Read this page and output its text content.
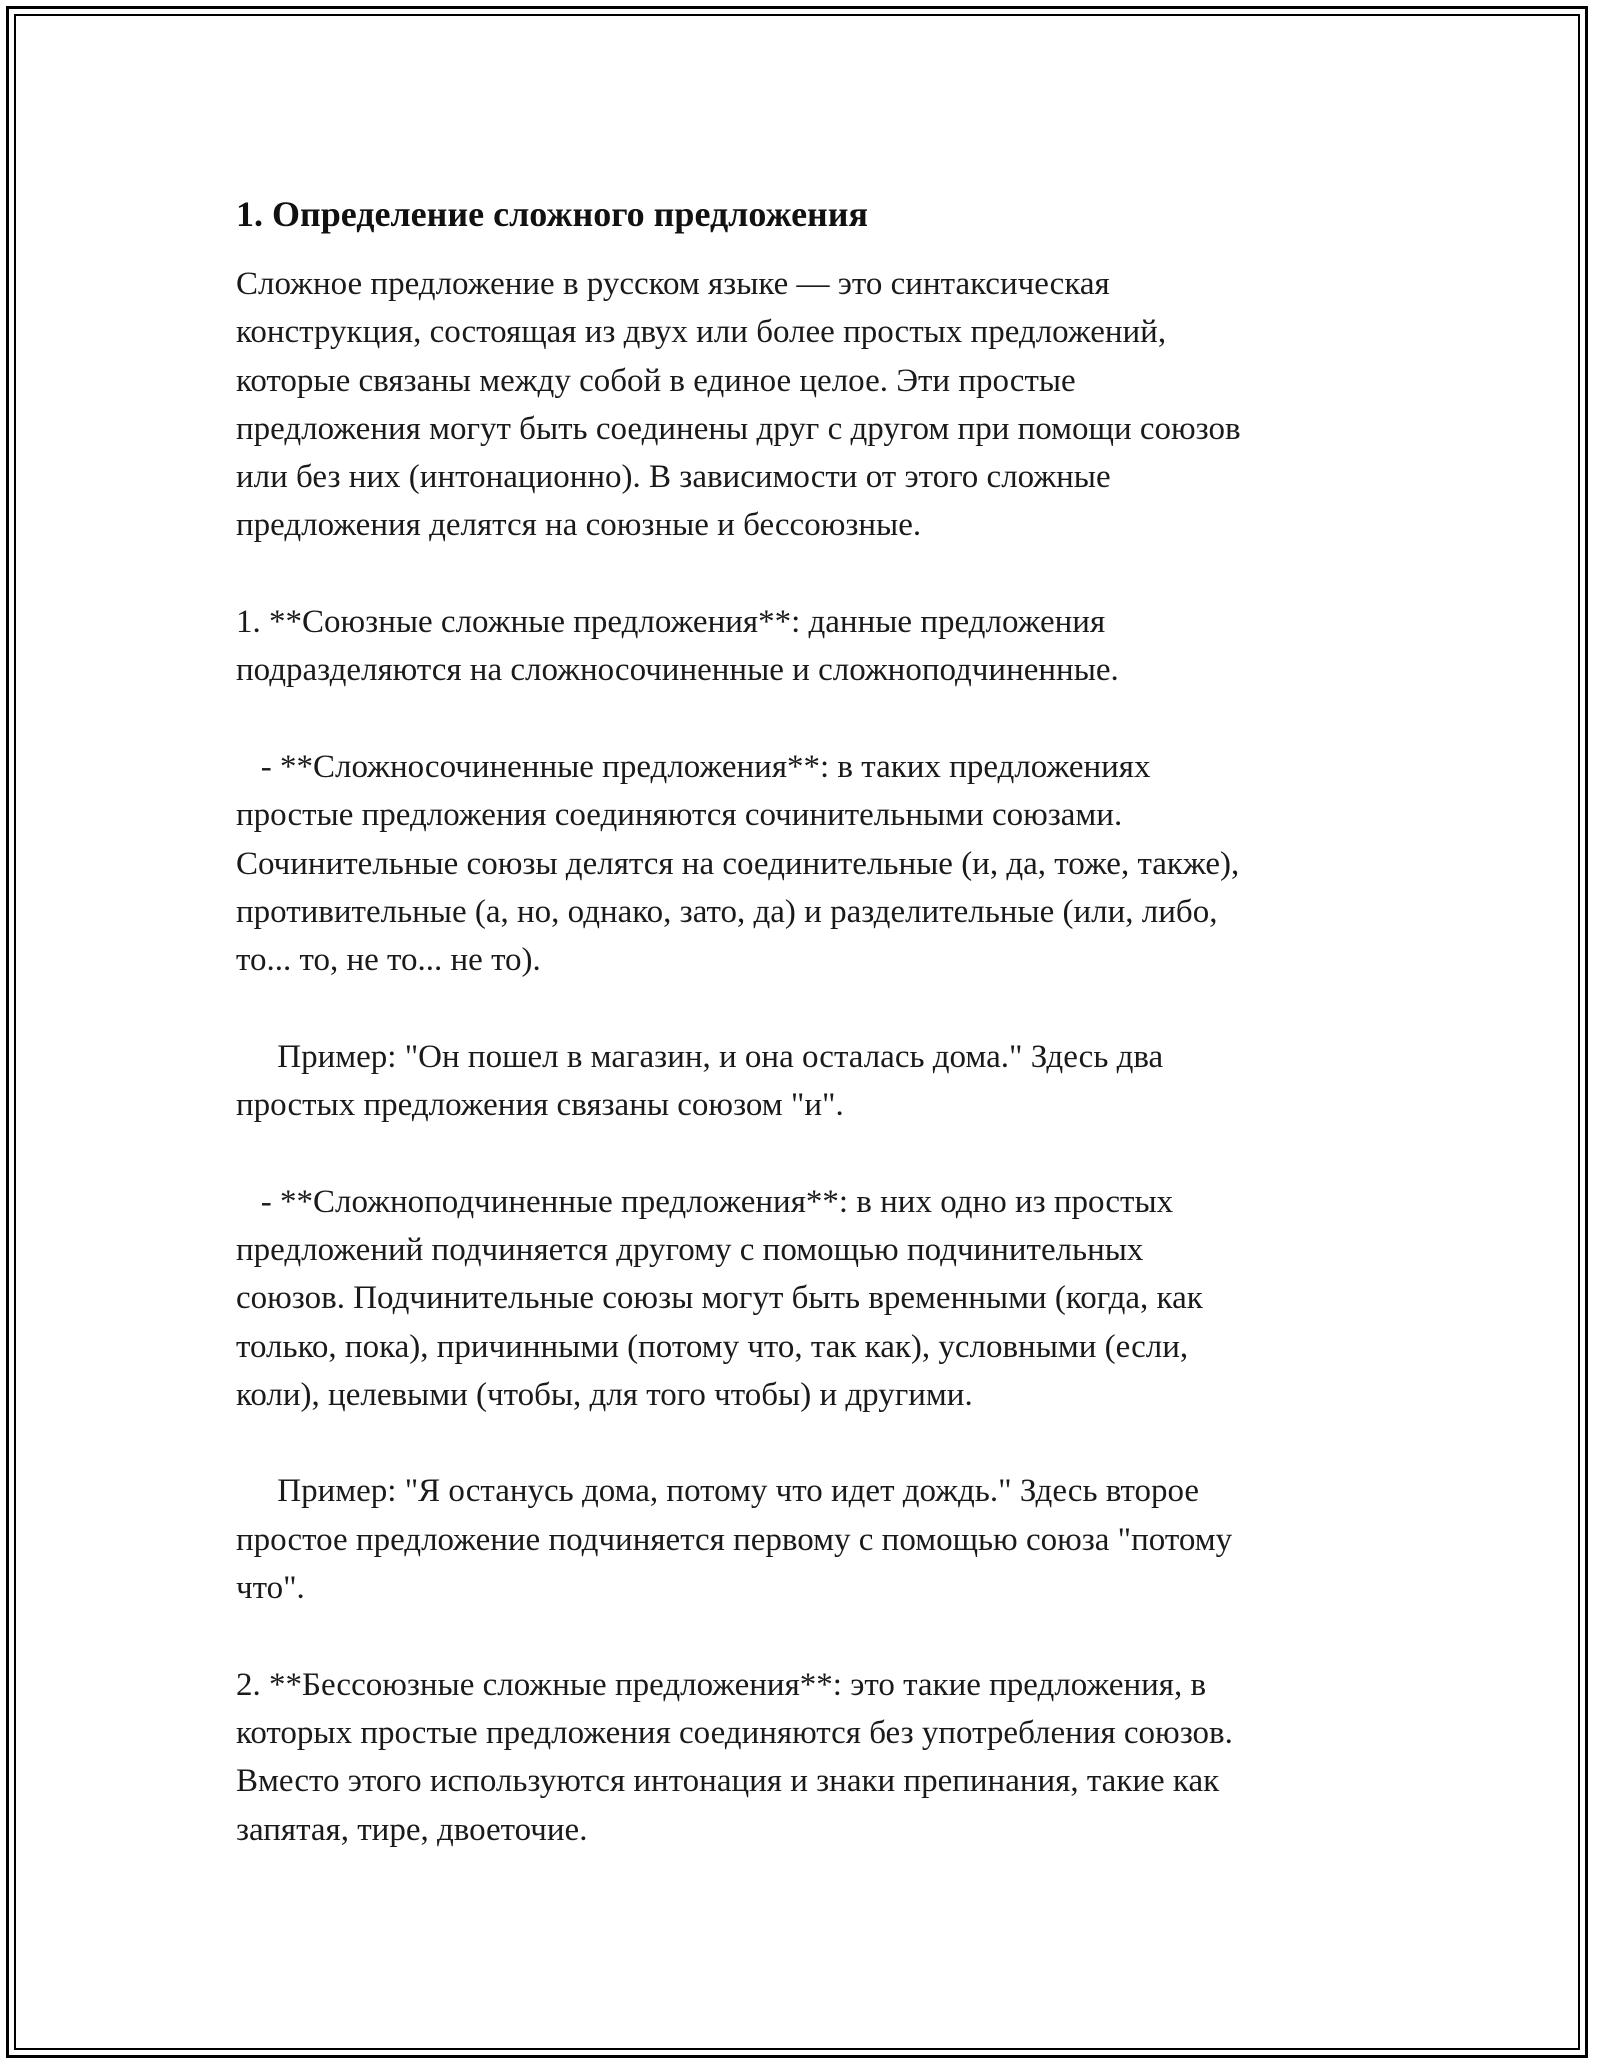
1. Определение сложного предложения

Сложное предложение в русском языке — это синтаксическая
конструкция, состоящая из двух или более простых предложений,
которые связаны между собой в единое целое. Эти простые
предложения могут быть соединены друг с другом при помощи союзов
или без них (интонационно). В зависимости от этого сложные
предложения делятся на союзные и бессоюзные.

1. **Союзные сложные предложения**: данные предложения
подразделяются на сложносочиненные и сложноподчиненные.

- **Сложносочиненные предложения**: в таких предложениях
простые предложения соединяются сочинительными союзами.
Сочинительные союзы делятся на соединительные (и, да, тоже, также),
противительные (а, но, однако, зато, да) и разделительные (или, либо,
то... то, не то... не то).

Пример: "Он пошел в магазин, и она осталась дома." Здесь два
простых предложения связаны союзом "и".

- **Сложноподчиненные предложения**: в них одно из простых
предложений подчиняется другому с помощью подчинительных
союзов. Подчинительные союзы могут быть временными (когда, как
только, пока), причинными (потому что, так как), условными (если,
коли), целевыми (чтобы, для того чтобы) и другими.

Пример: "Я останусь дома, потому что идет дождь." Здесь второе
простое предложение подчиняется первому с помощью союза "потому
что".

2. **Бессоюзные сложные предложения**: это такие предложения, в
которых простые предложения соединяются без употребления союзов.
Вместо этого используются интонация и знаки препинания, такие как
запятая, тире, двоеточие.
